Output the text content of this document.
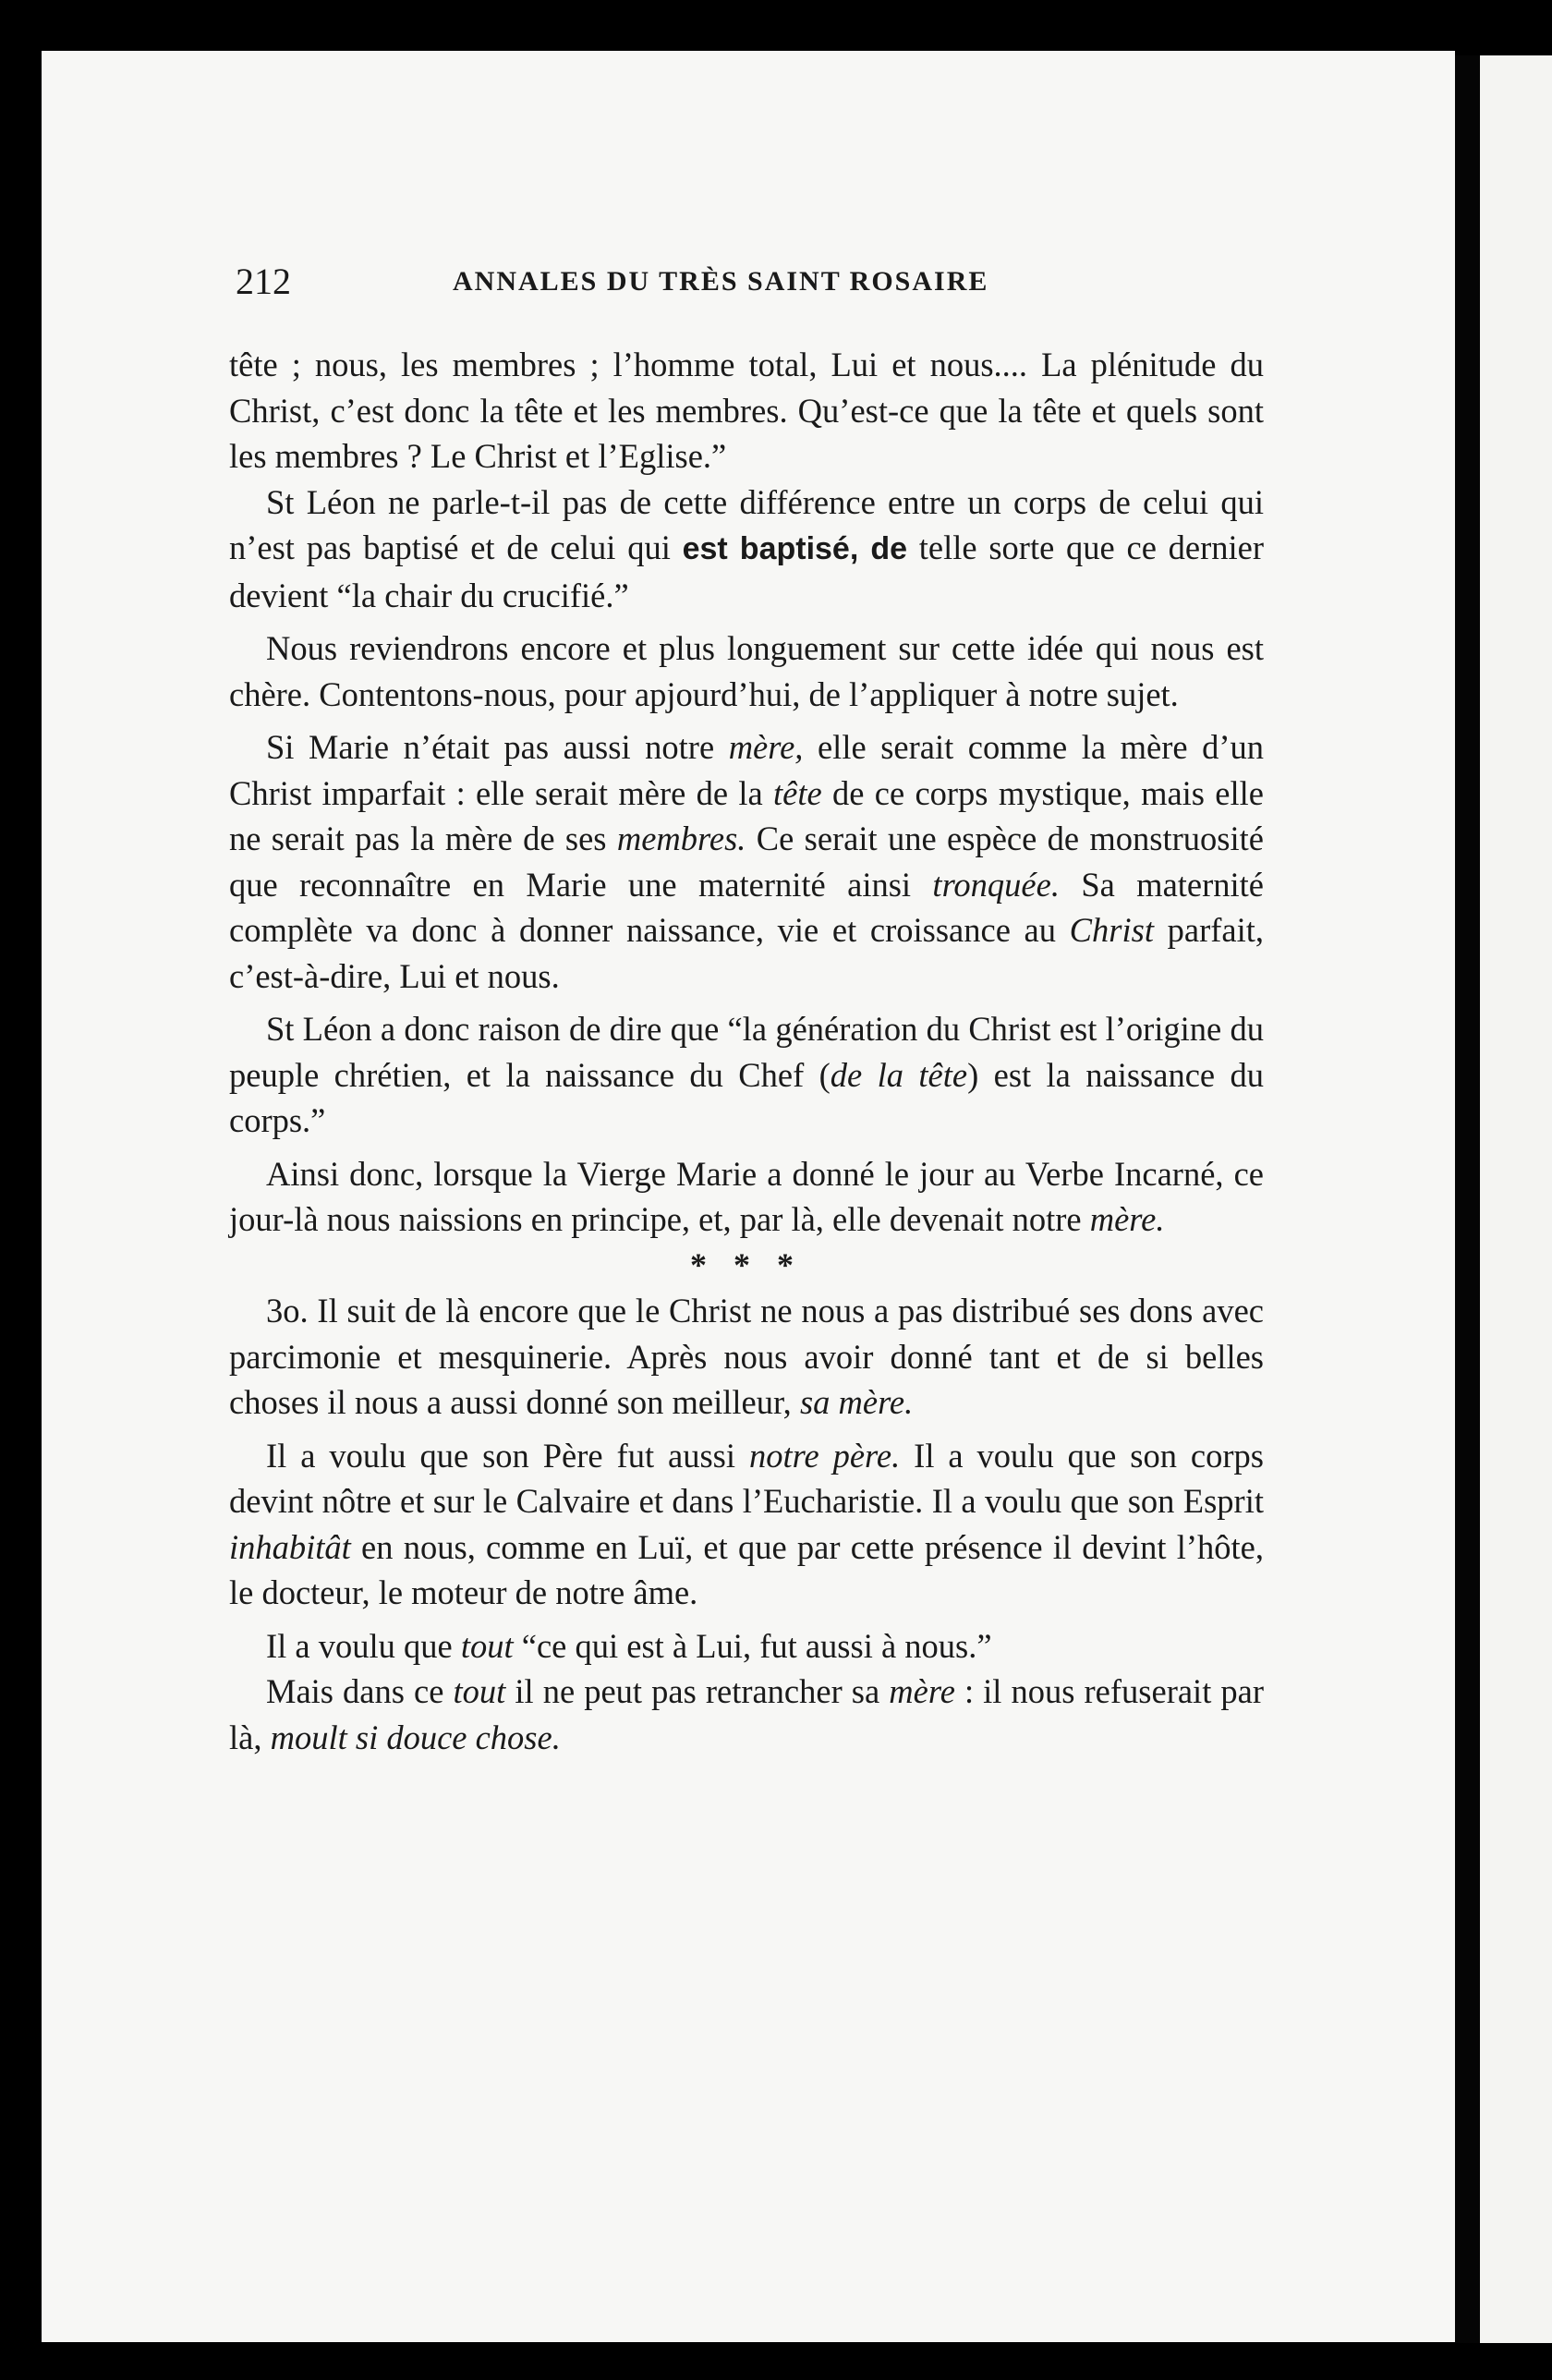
212	ANNALES DU TRÈS SAINT ROSAIRE

tête ; nous, les membres ; l’homme total, Lui et nous.... La plénitude du Christ, c’est donc la tête et les membres. Qu’est-ce que la tête et quels sont les membres ? Le Christ et l’Eglise.”

St Léon ne parle-t-il pas de cette différence entre un corps de celui qui n’est pas baptisé et de celui qui est baptisé, de telle sorte que ce dernier devient “la chair du crucifié.”

Nous reviendrons encore et plus longuement sur cette idée qui nous est chère. Contentons-nous, pour apjourd’hui, de l’appliquer à notre sujet.

Si Marie n’était pas aussi notre mère, elle serait comme la mère d’un Christ imparfait : elle serait mère de la tête de ce corps mystique, mais elle ne serait pas la mère de ses membres. Ce serait une espèce de monstruosité que reconnaître en Marie une maternité ainsi tronquée. Sa maternité complète va donc à donner naissance, vie et croissance au Christ parfait, c’est-à-dire, Lui et nous.

St Léon a donc raison de dire que “la génération du Christ est l’origine du peuple chrétien, et la naissance du Chef (de la tête) est la naissance du corps.”

Ainsi donc, lorsque la Vierge Marie a donné le jour au Verbe Incarné, ce jour-là nous naissions en principe, et, par là, elle devenait notre mère.

* * *

3o. Il suit de là encore que le Christ ne nous a pas distribué ses dons avec parcimonie et mesquinerie. Après nous avoir donné tant et de si belles choses il nous a aussi donné son meilleur, sa mère.

Il a voulu que son Père fut aussi notre père. Il a voulu que son corps devint nôtre et sur le Calvaire et dans l’Eucharistie. Il a voulu que son Esprit inhabitât en nous, comme en Luï, et que par cette présence il devint l’hôte, le docteur, le moteur de notre âme.

Il a voulu que tout “ce qui est à Lui, fut aussi à nous.”

Mais dans ce tout il ne peut pas retrancher sa mère : il nous refuserait par là, moult si douce chose.
